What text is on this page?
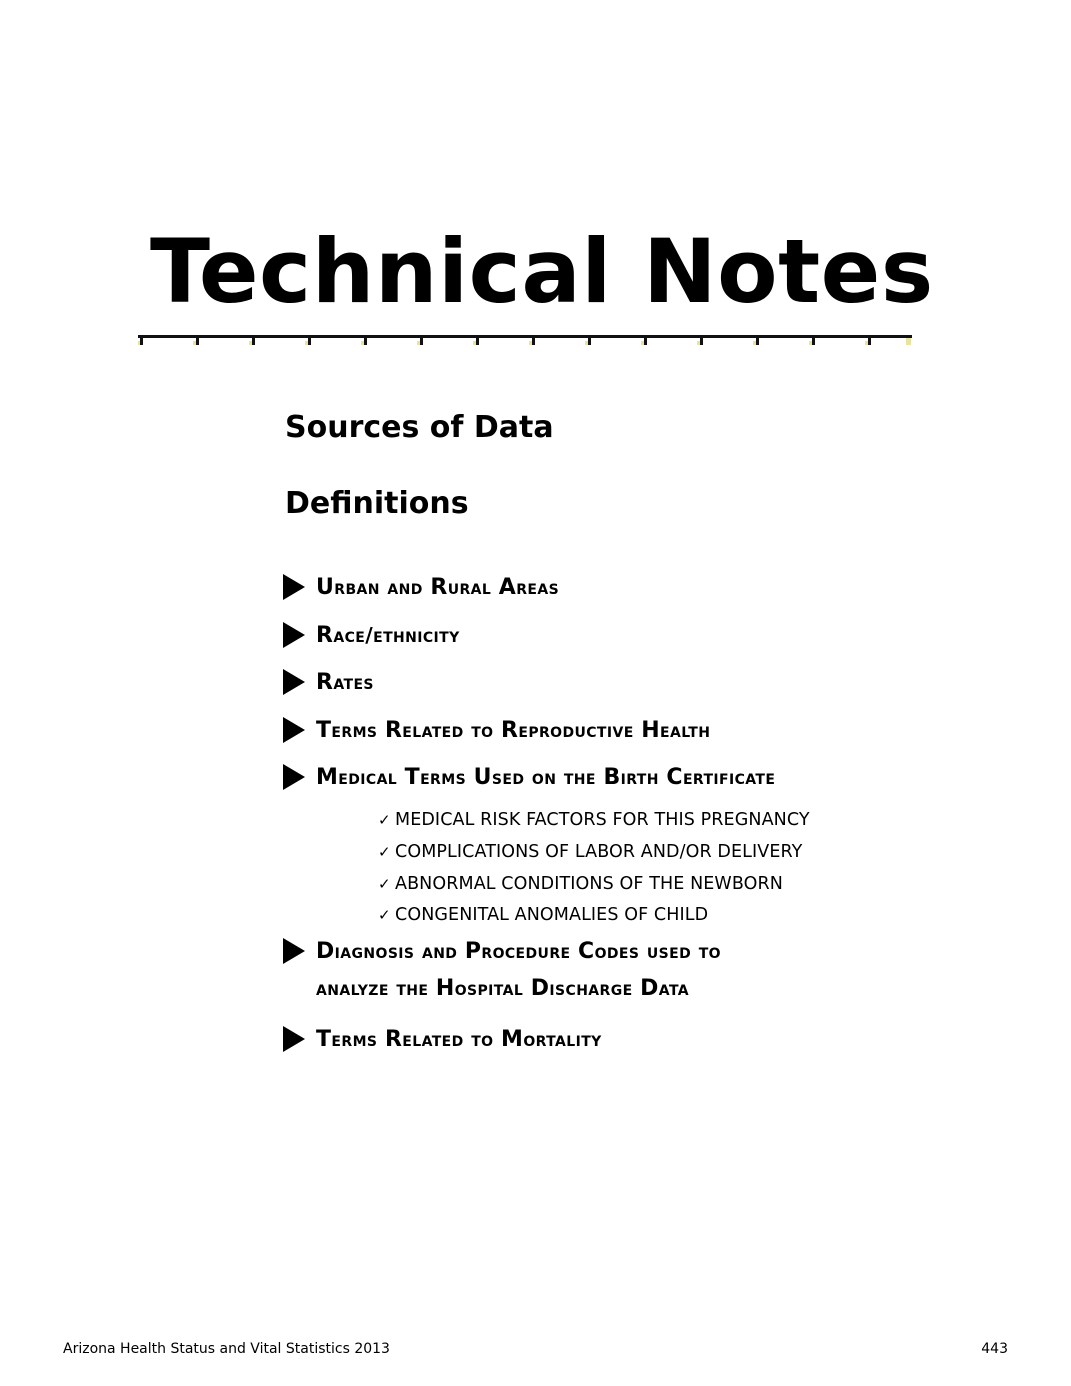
Technical Notes
Sources of Data
Definitions
Urban and Rural Areas
Race/ethnicity
Rates
Terms Related to Reproductive Health
Medical Terms Used on the Birth Certificate
✓ MEDICAL RISK FACTORS FOR THIS PREGNANCY
✓ COMPLICATIONS OF LABOR AND/OR DELIVERY
✓ ABNORMAL CONDITIONS OF THE NEWBORN
✓ CONGENITAL ANOMALIES OF CHILD
Diagnosis and Procedure Codes used to
analyze the Hospital Discharge Data
Terms Related to Mortality
Arizona Health Status and Vital Statistics 2013	443
